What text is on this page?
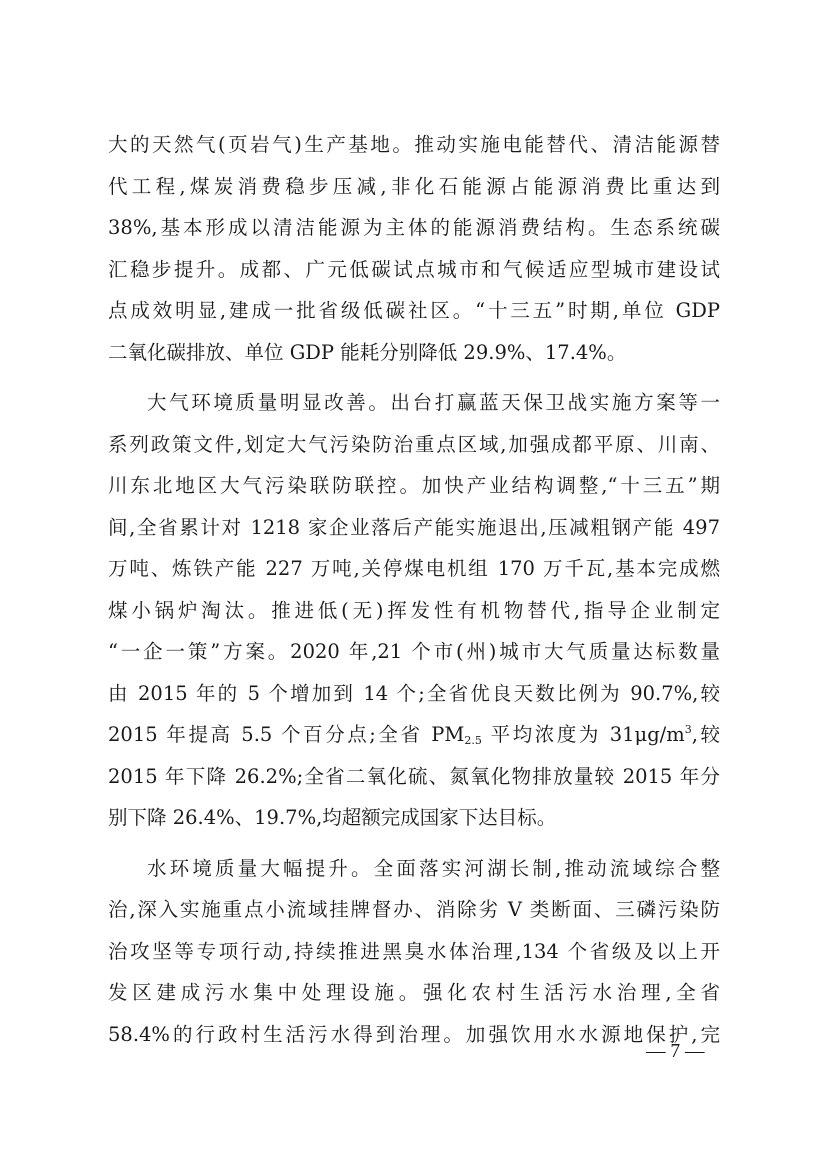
大的天然气(页岩气)生产基地。推动实施电能替代、清洁能源替
代工程,煤炭消费稳步压减,非化石能源占能源消费比重达到
38%,基本形成以清洁能源为主体的能源消费结构。生态系统碳
汇稳步提升。成都、广元低碳试点城市和气候适应型城市建设试
点成效明显,建成一批省级低碳社区。“十三五”时期,单位 GDP
二氧化碳排放、单位 GDP 能耗分别降低 29.9%、17.4%。
大气环境质量明显改善。出台打赢蓝天保卫战实施方案等一
系列政策文件,划定大气污染防治重点区域,加强成都平原、川南、
川东北地区大气污染联防联控。加快产业结构调整,“十三五”期
间,全省累计对 1218 家企业落后产能实施退出,压减粗钢产能 497
万吨、炼铁产能 227 万吨,关停煤电机组 170 万千瓦,基本完成燃
煤小锅炉淘汰。推进低(无)挥发性有机物替代,指导企业制定
“一企一策”方案。2020 年,21 个市(州)城市大气质量达标数量
由 2015 年的 5 个增加到 14 个;全省优良天数比例为 90.7%,较
2015 年提高 5.5 个百分点;全省 $PM_{2.5}$ 平均浓度为 $31\mu g/m^3$,较
2015 年下降 26.2%;全省二氧化硫、氮氧化物排放量较 2015 年分
别下降 26.4%、19.7%,均超额完成国家下达目标。
水环境质量大幅提升。全面落实河湖长制,推动流域综合整
治,深入实施重点小流域挂牌督办、消除劣 V 类断面、三磷污染防
治攻坚等专项行动,持续推进黑臭水体治理,134 个省级及以上开
发区建成污水集中处理设施。强化农村生活污水治理,全省
58.4%的行政村生活污水得到治理。加强饮用水水源地保护,完
— 7 —
